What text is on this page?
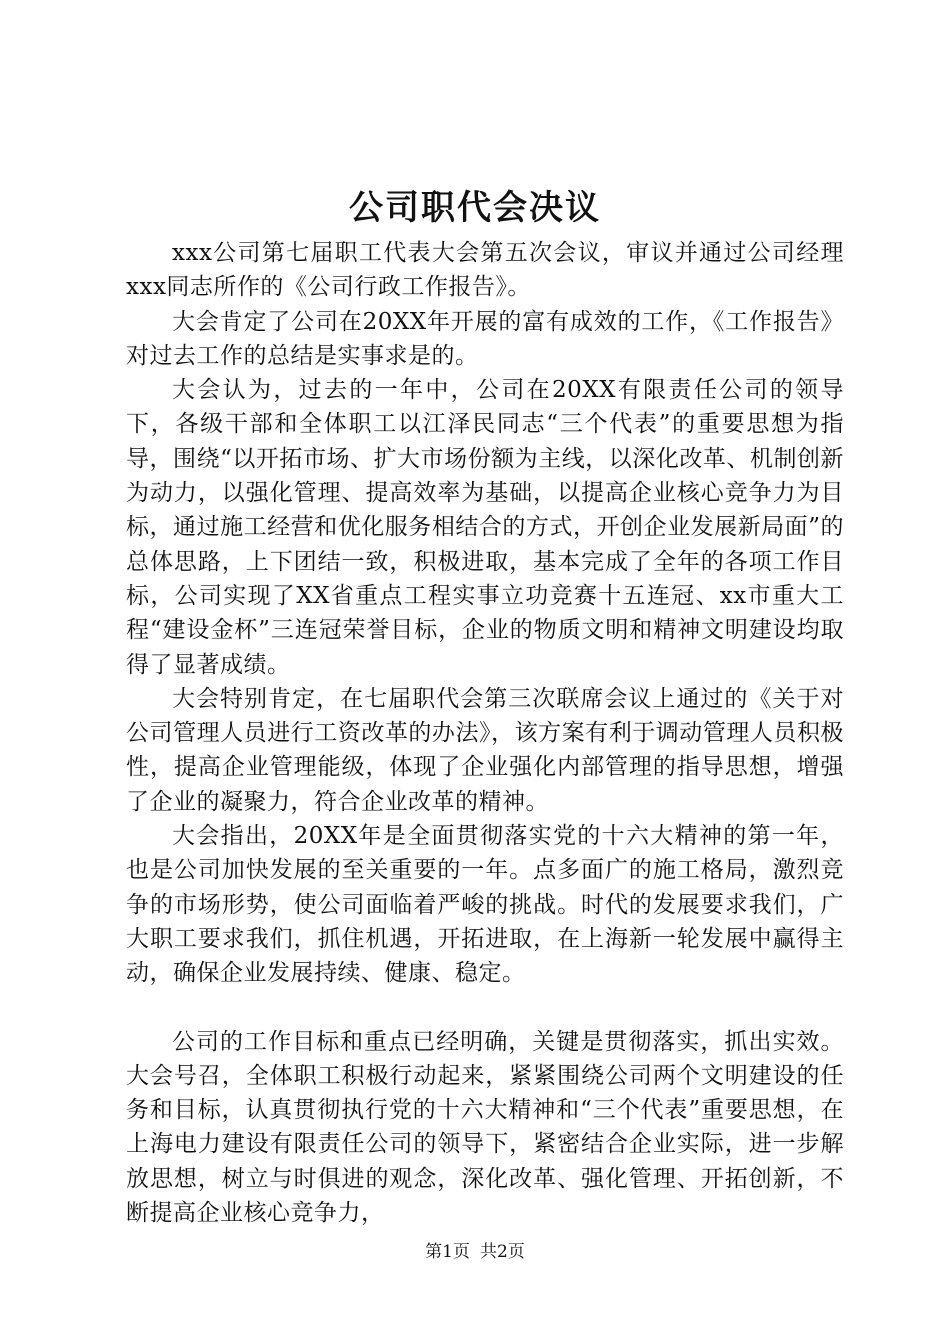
公司职代会决议

xxx公司第七届职工代表大会第五次会议，审议并通过公司经理xxx同志所作的《公司行政工作报告》。

大会肯定了公司在20XX年开展的富有成效的工作，《工作报告》对过去工作的总结是实事求是的。

大会认为，过去的一年中，公司在20XX有限责任公司的领导下，各级干部和全体职工以江泽民同志“三个代表”的重要思想为指导，围绕“以开拓市场、扩大市场份额为主线，以深化改革、机制创新为动力，以强化管理、提高效率为基础，以提高企业核心竞争力为目标，通过施工经营和优化服务相结合的方式，开创企业发展新局面”的总体思路，上下团结一致，积极进取，基本完成了全年的各项工作目标，公司实现了XX省重点工程实事立功竞赛十五连冠、xx市重大工程“建设金杯”三连冠荣誉目标，企业的物质文明和精神文明建设均取得了显著成绩。

大会特别肯定，在七届职代会第三次联席会议上通过的《关于对公司管理人员进行工资改革的办法》，该方案有利于调动管理人员积极性，提高企业管理能级，体现了企业强化内部管理的指导思想，增强了企业的凝聚力，符合企业改革的精神。

大会指出，20XX年是全面贯彻落实党的十六大精神的第一年，也是公司加快发展的至关重要的一年。点多面广的施工格局，激烈竞争的市场形势，使公司面临着严峻的挑战。时代的发展要求我们，广大职工要求我们，抓住机遇，开拓进取，在上海新一轮发展中赢得主动，确保企业发展持续、健康、稳定。

公司的工作目标和重点已经明确，关键是贯彻落实，抓出实效。大会号召，全体职工积极行动起来，紧紧围绕公司两个文明建设的任务和目标，认真贯彻执行党的十六大精神和“三个代表”重要思想，在上海电力建设有限责任公司的领导下，紧密结合企业实际，进一步解放思想，树立与时俱进的观念，深化改革、强化管理、开拓创新，不断提高企业核心竞争力，

第1页 共2页
